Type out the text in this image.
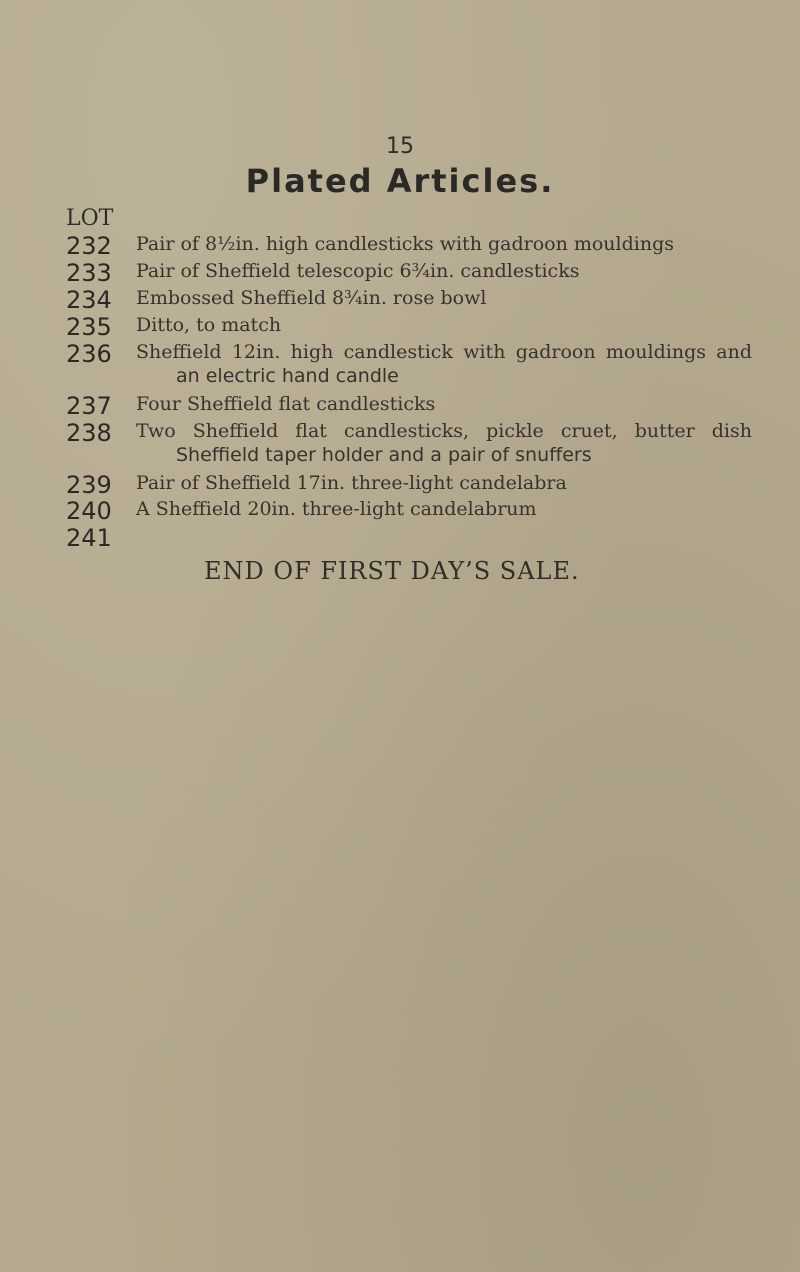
15
Plated Articles.
LOT
232	Pair of 8½in. high candlesticks with gadroon mouldings
233	Pair of Sheffield telescopic 6¾in. candlesticks
234	Embossed Sheffield 8¾in. rose bowl
235	Ditto, to match
236	Sheffield 12in. high candlestick with gadroon mouldings and
an electric hand candle
237	Four Sheffield flat candlesticks
238	Two Sheffield flat candlesticks, pickle cruet, butter dish
Sheffield taper holder and a pair of snuffers
239	Pair of Sheffield 17in. three-light candelabra
240	A Sheffield 20in. three-light candelabrum
241
END OF FIRST DAY’S SALE.
